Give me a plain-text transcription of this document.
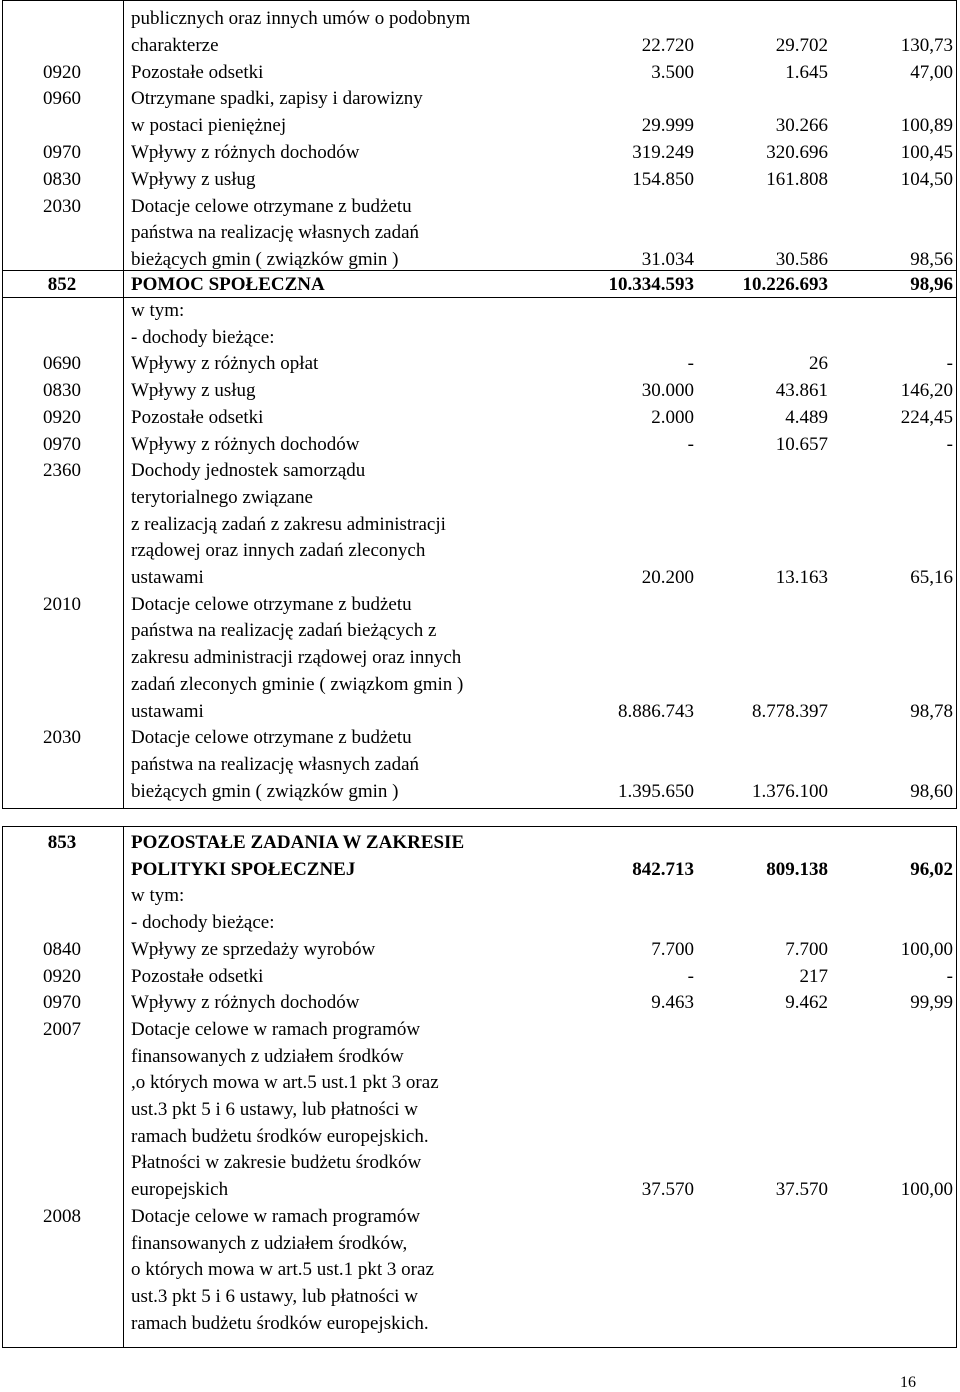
publicznych oraz innych umów o podobnym
charakterze	22.720	29.702	130,73
0920	Pozostałe odsetki	3.500	1.645	47,00
0960	Otrzymane spadki, zapisy i darowizny
w postaci pieniężnej	29.999	30.266	100,89
0970	Wpływy z różnych dochodów	319.249	320.696	100,45
0830	Wpływy z usług	154.850	161.808	104,50
2030	Dotacje celowe otrzymane z budżetu
państwa na realizację własnych zadań
bieżących gmin ( związków gmin )	31.034	30.586	98,56
852	POMOC SPOŁECZNA	10.334.593	10.226.693	98,96
w tym:
- dochody bieżące:
0690	Wpływy z różnych opłat	-	26	-
0830	Wpływy z usług	30.000	43.861	146,20
0920	Pozostałe odsetki	2.000	4.489	224,45
0970	Wpływy z różnych dochodów	-	10.657	-
2360	Dochody jednostek samorządu
terytorialnego związane
z realizacją zadań z zakresu administracji
rządowej oraz innych zadań zleconych
ustawami	20.200	13.163	65,16
2010	Dotacje celowe otrzymane z budżetu
państwa na realizację zadań bieżących z
zakresu administracji rządowej oraz innych
zadań zleconych gminie ( związkom gmin )
ustawami	8.886.743	8.778.397	98,78
2030	Dotacje celowe otrzymane z budżetu
państwa na realizację własnych zadań
bieżących gmin ( związków gmin )	1.395.650	1.376.100	98,60
853	POZOSTAŁE ZADANIA W ZAKRESIE
POLITYKI SPOŁECZNEJ	842.713	809.138	96,02
w tym:
- dochody bieżące:
0840	Wpływy ze sprzedaży wyrobów	7.700	7.700	100,00
0920	Pozostałe odsetki	-	217	-
0970	Wpływy z różnych dochodów	9.463	9.462	99,99
2007	Dotacje celowe w ramach programów
finansowanych z udziałem środków
,o których mowa w art.5 ust.1 pkt 3 oraz
ust.3 pkt 5 i 6 ustawy, lub płatności w
ramach budżetu środków europejskich.
Płatności w zakresie budżetu środków
europejskich	37.570	37.570	100,00
2008	Dotacje celowe w ramach programów
finansowanych z udziałem środków,
o których mowa w art.5 ust.1 pkt 3 oraz
ust.3 pkt 5 i 6 ustawy, lub płatności w
ramach budżetu środków europejskich.
16
